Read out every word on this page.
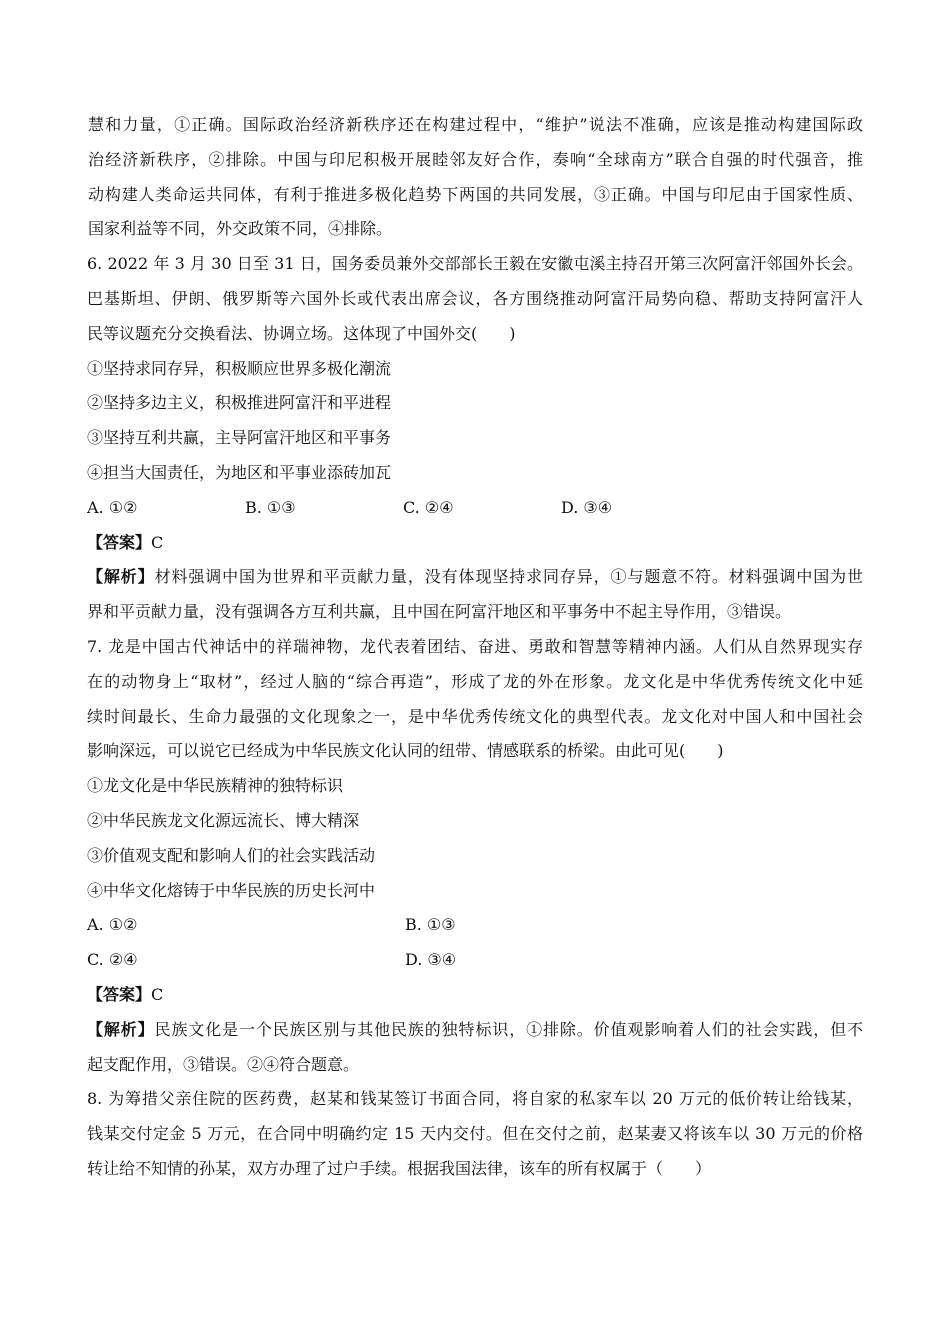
慧和力量，①正确。国际政治经济新秩序还在构建过程中，“维护”说法不准确，应该是推动构建国际政
治经济新秩序，②排除。中国与印尼积极开展睦邻友好合作，奏响“全球南方”联合自强的时代强音，推
动构建人类命运共同体，有利于推进多极化趋势下两国的共同发展，③正确。中国与印尼由于国家性质、
国家利益等不同，外交政策不同，④排除。
6. 2022 年 3 月 30 日至 31 日，国务委员兼外交部部长王毅在安徽屯溪主持召开第三次阿富汗邻国外长会。
巴基斯坦、伊朗、俄罗斯等六国外长或代表出席会议，各方围绕推动阿富汗局势向稳、帮助支持阿富汗人
民等议题充分交换看法、协调立场。这体现了中国外交(　　)
①坚持求同存异，积极顺应世界多极化潮流
②坚持多边主义，积极推进阿富汗和平进程
③坚持互利共赢，主导阿富汗地区和平事务
④担当大国责任，为地区和平事业添砖加瓦
A. ①②	B. ①③	C. ②④	D. ③④
【答案】C
【解析】材料强调中国为世界和平贡献力量，没有体现坚持求同存异，①与题意不符。材料强调中国为世
界和平贡献力量，没有强调各方互利共赢，且中国在阿富汗地区和平事务中不起主导作用，③错误。
7. 龙是中国古代神话中的祥瑞神物，龙代表着团结、奋进、勇敢和智慧等精神内涵。人们从自然界现实存
在的动物身上“取材”，经过人脑的“综合再造”，形成了龙的外在形象。龙文化是中华优秀传统文化中延
续时间最长、生命力最强的文化现象之一，是中华优秀传统文化的典型代表。龙文化对中国人和中国社会
影响深远，可以说它已经成为中华民族文化认同的纽带、情感联系的桥梁。由此可见(　　)
①龙文化是中华民族精神的独特标识
②中华民族龙文化源远流长、博大精深
③价值观支配和影响人们的社会实践活动
④中华文化熔铸于中华民族的历史长河中
A. ①②	B. ①③
C. ②④	D. ③④
【答案】C
【解析】民族文化是一个民族区别与其他民族的独特标识，①排除。价值观影响着人们的社会实践，但不
起支配作用，③错误。②④符合题意。
8. 为筹措父亲住院的医药费，赵某和钱某签订书面合同，将自家的私家车以 20 万元的低价转让给钱某，
钱某交付定金 5 万元，在合同中明确约定 15 天内交付。但在交付之前，赵某妻又将该车以 30 万元的价格
转让给不知情的孙某，双方办理了过户手续。根据我国法律，该车的所有权属于（　　）
